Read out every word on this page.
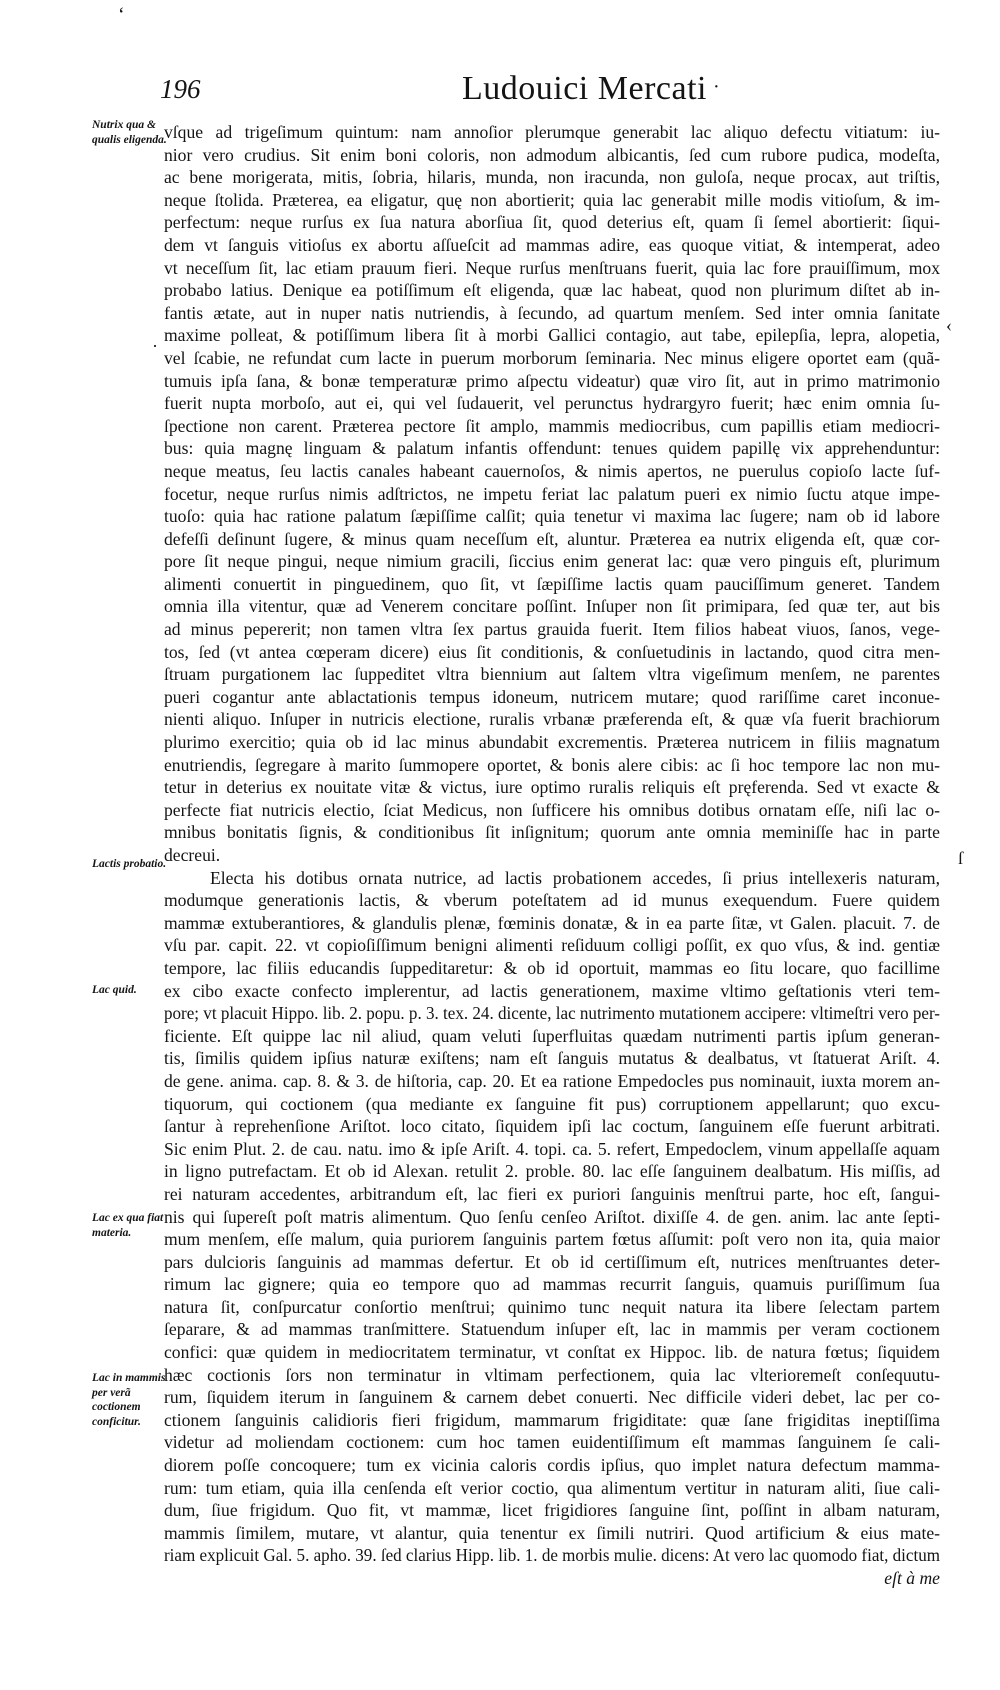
‘
196	Ludouici Mercati ·
Nutrix qua & qualis eligenda.
Lactis probatio.
Lac quid.
Lac ex qua fiat materia.
Lac in mammis per verã coctionem conficitur.
‹
·
ſ
vſque ad trigeſimum quintum: nam annoſior plerumque generabit lac aliquo defectu vitiatum: iu-
nior vero crudius. Sit enim boni coloris, non admodum albicantis, ſed cum rubore pudica, modeſta,
ac bene morigerata, mitis, ſobria, hilaris, munda, non iracunda, non guloſa, neque procax, aut triſtis,
neque ſtolida. Præterea, ea eligatur, quę non abortierit; quia lac generabit mille modis vitioſum, & im-
perfectum: neque rurſus ex ſua natura aborſiua ſit, quod deterius eſt, quam ſi ſemel abortierit: ſiqui-
dem vt ſanguis vitioſus ex abortu aſſueſcit ad mammas adire, eas quoque vitiat, & intemperat, adeo
vt neceſſum ſit, lac etiam prauum fieri. Neque rurſus menſtruans fuerit, quia lac fore prauiſſimum, mox
probabo latius. Denique ea potiſſimum eſt eligenda, quæ lac habeat, quod non plurimum diſtet ab in-
fantis ætate, aut in nuper natis nutriendis, à ſecundo, ad quartum menſem. Sed inter omnia ſanitate
maxime polleat, & potiſſimum libera ſit à morbi Gallici contagio, aut tabe, epilepſia, lepra, alopetia,
vel ſcabie, ne refundat cum lacte in puerum morborum ſeminaria. Nec minus eligere oportet eam (quã-
tumuis ipſa ſana, & bonæ temperaturæ primo aſpectu videatur) quæ viro ſit, aut in primo matrimonio
fuerit nupta morboſo, aut ei, qui vel ſudauerit, vel perunctus hydrargyro fuerit; hæc enim omnia ſu-
ſpectione non carent. Præterea pectore ſit amplo, mammis mediocribus, cum papillis etiam mediocri-
bus: quia magnę linguam & palatum infantis offendunt: tenues quidem papillę vix apprehenduntur:
neque meatus, ſeu lactis canales habeant cauernoſos, & nimis apertos, ne puerulus copioſo lacte ſuf-
focetur, neque rurſus nimis adſtrictos, ne impetu feriat lac palatum pueri ex nimio ſuctu atque impe-
tuoſo: quia hac ratione palatum ſæpiſſime calſit; quia tenetur vi maxima lac ſugere; nam ob id labore
defeſſi deſinunt ſugere, & minus quam neceſſum eſt, aluntur. Præterea ea nutrix eligenda eſt, quæ cor-
pore ſit neque pingui, neque nimium gracili, ſiccius enim generat lac: quæ vero pinguis eſt, plurimum
alimenti conuertit in pinguedinem, quo ſit, vt ſæpiſſime lactis quam pauciſſimum generet. Tandem
omnia illa vitentur, quæ ad Venerem concitare poſſint. Inſuper non ſit primipara, ſed quæ ter, aut bis
ad minus pepererit; non tamen vltra ſex partus grauida fuerit. Item filios habeat viuos, ſanos, vege-
tos, ſed (vt antea cœperam dicere) eius ſit conditionis, & conſuetudinis in lactando, quod citra men-
ſtruam purgationem lac ſuppeditet vltra biennium aut ſaltem vltra vigeſimum menſem, ne parentes
pueri cogantur ante ablactationis tempus idoneum, nutricem mutare; quod rariſſime caret inconue-
nienti aliquo. Inſuper in nutricis electione, ruralis vrbanæ præferenda eſt, & quæ vſa fuerit brachiorum
plurimo exercitio; quia ob id lac minus abundabit excrementis. Præterea nutricem in filiis magnatum
enutriendis, ſegregare à marito ſummopere oportet, & bonis alere cibis: ac ſi hoc tempore lac non mu-
tetur in deterius ex nouitate vitæ & victus, iure optimo ruralis reliquis eſt pręferenda. Sed vt exacte &
perfecte fiat nutricis electio, ſciat Medicus, non ſufficere his omnibus dotibus ornatam eſſe, niſi lac o-
mnibus bonitatis ſignis, & conditionibus ſit inſignitum; quorum ante omnia meminiſſe hac in parte
decreui.
Electa his dotibus ornata nutrice, ad lactis probationem accedes, ſi prius intellexeris naturam,
modumque generationis lactis, & vberum poteſtatem ad id munus exequendum. Fuere quidem
mammæ extuberantiores, & glandulis plenæ, fœminis donatæ, & in ea parte ſitæ, vt Galen. placuit. 7. de
vſu par. capit. 22. vt copioſiſſimum benigni alimenti reſiduum colligi poſſit, ex quo vſus, & ind. gentiæ
tempore, lac filiis educandis ſuppeditaretur: & ob id oportuit, mammas eo ſitu locare, quo facillime
ex cibo exacte confecto implerentur, ad lactis generationem, maxime vltimo geſtationis vteri tem-
pore; vt placuit Hippo. lib. 2. popu. p. 3. tex. 24. dicente, lac nutrimento mutationem accipere: vltimeſtri vero per-
ficiente. Eſt quippe lac nil aliud, quam veluti ſuperfluitas quædam nutrimenti partis ipſum generan-
tis, ſimilis quidem ipſius naturæ exiſtens; nam eſt ſanguis mutatus & dealbatus, vt ſtatuerat Ariſt. 4.
de gene. anima. cap. 8. & 3. de hiſtoria, cap. 20. Et ea ratione Empedocles pus nominauit, iuxta morem an-
tiquorum, qui coctionem (qua mediante ex ſanguine fit pus) corruptionem appellarunt; quo excu-
ſantur à reprehenſione Ariſtot. loco citato, ſiquidem ipſi lac coctum, ſanguinem eſſe fuerunt arbitrati.
Sic enim Plut. 2. de cau. natu. imo & ipſe Ariſt. 4. topi. ca. 5. refert, Empedoclem, vinum appellaſſe aquam
in ligno putrefactam. Et ob id Alexan. retulit 2. proble. 80. lac eſſe ſanguinem dealbatum. His miſſis, ad
rei naturam accedentes, arbitrandum eſt, lac fieri ex puriori ſanguinis menſtrui parte, hoc eſt, ſangui-
nis qui ſupereſt poſt matris alimentum. Quo ſenſu cenſeo Ariſtot. dixiſſe 4. de gen. anim. lac ante ſepti-
mum menſem, eſſe malum, quia puriorem ſanguinis partem fœtus aſſumit: poſt vero non ita, quia maior
pars dulcioris ſanguinis ad mammas defertur. Et ob id certiſſimum eſt, nutrices menſtruantes deter-
rimum lac gignere; quia eo tempore quo ad mammas recurrit ſanguis, quamuis puriſſimum ſua
natura ſit, conſpurcatur conſortio menſtrui; quinimo tunc nequit natura ita libere ſelectam partem
ſeparare, & ad mammas tranſmittere. Statuendum inſuper eſt, lac in mammis per veram coctionem
confici: quæ quidem in mediocritatem terminatur, vt conſtat ex Hippoc. lib. de natura fœtus; ſiquidem
hæc coctionis ſors non terminatur in vltimam perfectionem, quia lac vlterioremeſt conſequutu-
rum, ſiquidem iterum in ſanguinem & carnem debet conuerti. Nec difficile videri debet, lac per co-
ctionem ſanguinis calidioris fieri frigidum, mammarum frigiditate: quæ ſane frigiditas ineptiſſima
videtur ad moliendam coctionem: cum hoc tamen euidentiſſimum eſt mammas ſanguinem ſe cali-
diorem poſſe concoquere; tum ex vicinia caloris cordis ipſius, quo implet natura defectum mamma-
rum: tum etiam, quia illa cenſenda eſt verior coctio, qua alimentum vertitur in naturam aliti, ſiue cali-
dum, ſiue frigidum. Quo fit, vt mammæ, licet frigidiores ſanguine ſint, poſſint in albam naturam,
mammis ſimilem, mutare, vt alantur, quia tenentur ex ſimili nutriri. Quod artificium & eius mate-
riam explicuit Gal. 5. apho. 39. ſed clarius Hipp. lib. 1. de morbis mulie. dicens: At vero lac quomodo fiat, dictum
eſt à me
